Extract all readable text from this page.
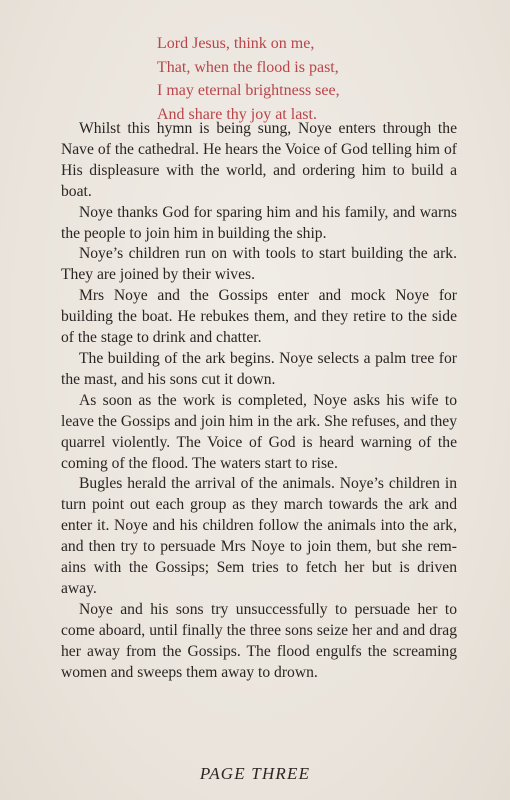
Lord Jesus, think on me,
That, when the flood is past,
I may eternal brightness see,
And share thy joy at last.

Whilst this hymn is being sung, Noye enters through the Nave of the cathedral. He hears the Voice of God telling him of His displeasure with the world, and ordering him to build a boat.

Noye thanks God for sparing him and his family, and warns the people to join him in building the ship.

Noye’s children run on with tools to start building the ark. They are joined by their wives.

Mrs Noye and the Gossips enter and mock Noye for building the boat. He rebukes them, and they retire to the side of the stage to drink and chatter.

The building of the ark begins. Noye selects a palm tree for the mast, and his sons cut it down.

As soon as the work is completed, Noye asks his wife to leave the Gossips and join him in the ark. She refuses, and they quarrel violently. The Voice of God is heard warning of the coming of the flood. The waters start to rise.

Bugles herald the arrival of the animals. Noye’s children in turn point out each group as they march towards the ark and enter it. Noye and his children follow the animals into the ark, and then try to persuade Mrs Noye to join them, but she remains with the Gossips; Sem tries to fetch her but is driven away.

Noye and his sons try unsuccessfully to persuade her to come aboard, until finally the three sons seize her and and drag her away from the Gossips. The flood engulfs the screaming women and sweeps them away to drown.

PAGE THREE
